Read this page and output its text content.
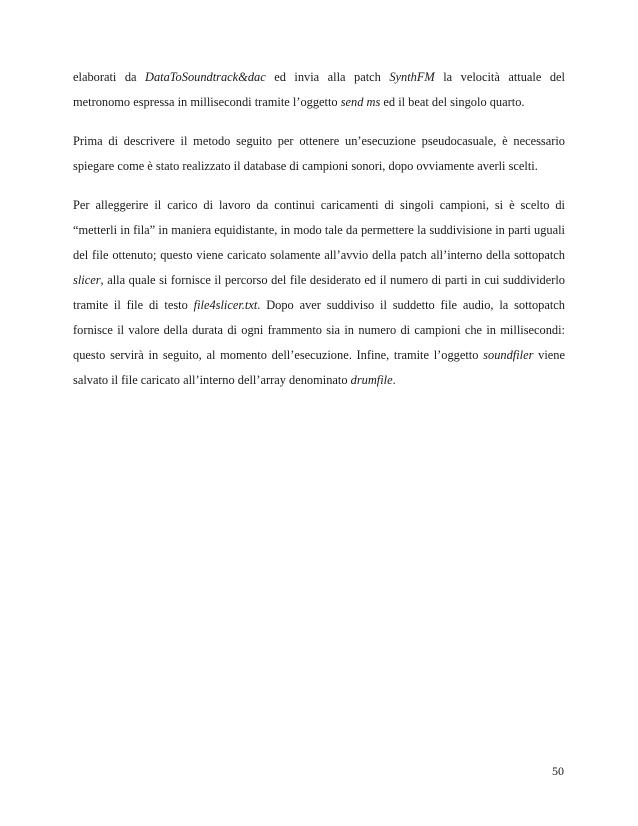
elaborati da DataToSoundtrack&dac ed invia alla patch SynthFM la velocità attuale del metronomo espressa in millisecondi tramite l’oggetto send ms ed il beat del singolo quarto.

Prima di descrivere il metodo seguito per ottenere un’esecuzione pseudocasuale, è necessario spiegare come è stato realizzato il database di campioni sonori, dopo ovviamente averli scelti.

Per alleggerire il carico di lavoro da continui caricamenti di singoli campioni, si è scelto di “metterli in fila” in maniera equidistante, in modo tale da permettere la suddivisione in parti uguali del file ottenuto; questo viene caricato solamente all’avvio della patch all’interno della sottopatch slicer, alla quale si fornisce il percorso del file desiderato ed il numero di parti in cui suddividerlo tramite il file di testo file4slicer.txt. Dopo aver suddiviso il suddetto file audio, la sottopatch fornisce il valore della durata di ogni frammento sia in numero di campioni che in millisecondi: questo servirà in seguito, al momento dell’esecuzione. Infine, tramite l’oggetto soundfiler viene salvato il file caricato all’interno dell’array denominato drumfile.

50
